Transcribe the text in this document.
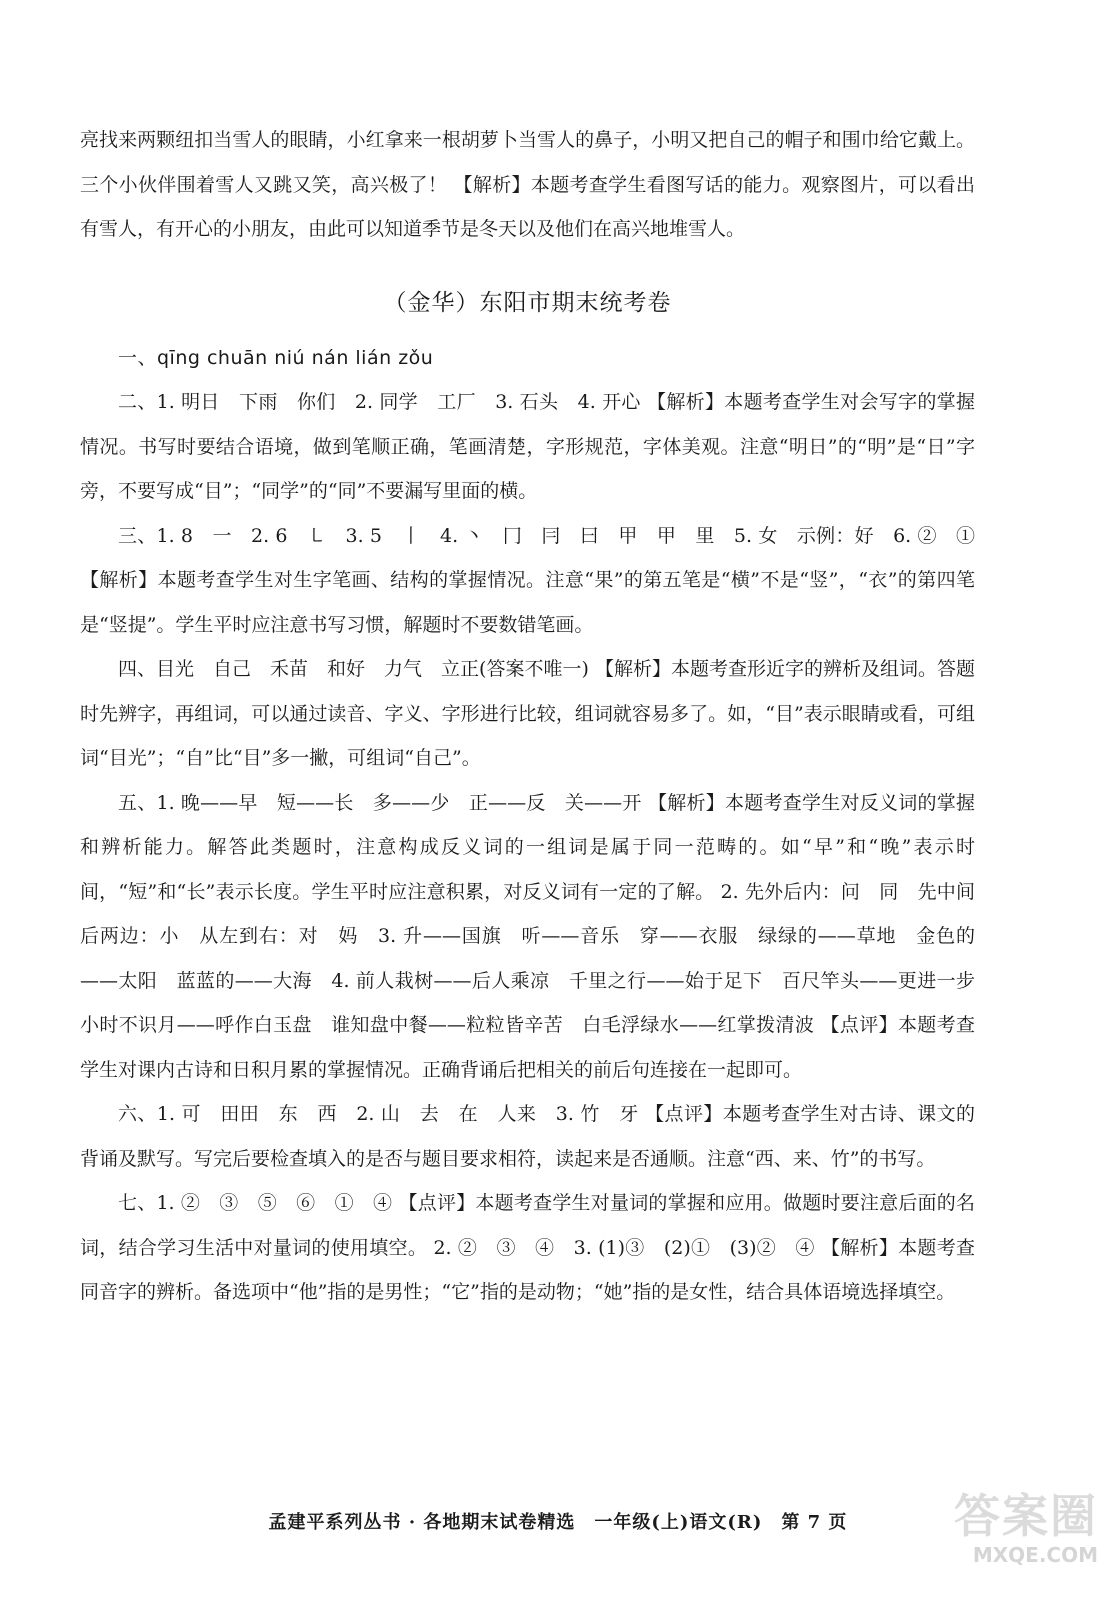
亮找来两颗纽扣当雪人的眼睛，小红拿来一根胡萝卜当雪人的鼻子，小明又把自己的帽子和围巾给它戴上。三个小伙伴围着雪人又跳又笑，高兴极了！ 【解析】本题考查学生看图写话的能力。观察图片，可以看出有雪人，有开心的小朋友，由此可以知道季节是冬天以及他们在高兴地堆雪人。

（金华）东阳市期末统考卷

一、qīng chuān niú nán lián zǒu

二、1. 明日　下雨　你们　2. 同学　工厂　3. 石头　4. 开心 【解析】本题考查学生对会写字的掌握情况。书写时要结合语境，做到笔顺正确，笔画清楚，字形规范，字体美观。注意“明日”的“明”是“日”字旁，不要写成“目”；“同学”的“同”不要漏写里面的横。

三、1. 8　一　2. 6　㇄　3. 5　丨　4. 丶　冂　冃　曰　甲　甲　里　5. 女　示例：好　6. ②　① 【解析】本题考查学生对生字笔画、结构的掌握情况。注意“果”的第五笔是“横”不是“竖”，“衣”的第四笔是“竖提”。学生平时应注意书写习惯，解题时不要数错笔画。

四、目光　自己　禾苗　和好　力气　立正(答案不唯一) 【解析】本题考查形近字的辨析及组词。答题时先辨字，再组词，可以通过读音、字义、字形进行比较，组词就容易多了。如，“目”表示眼睛或看，可组词“目光”；“自”比“目”多一撇，可组词“自己”。

五、1. 晚——早　短——长　多——少　正——反　关——开 【解析】本题考查学生对反义词的掌握和辨析能力。解答此类题时，注意构成反义词的一组词是属于同一范畴的。如“早”和“晚”表示时间，“短”和“长”表示长度。学生平时应注意积累，对反义词有一定的了解。 2. 先外后内：问　同　先中间后两边：小　从左到右：对　妈　3. 升——国旗　听——音乐　穿——衣服　绿绿的——草地　金色的——太阳　蓝蓝的——大海　4. 前人栽树——后人乘凉　千里之行——始于足下　百尺竿头——更进一步　小时不识月——呼作白玉盘　谁知盘中餐——粒粒皆辛苦　白毛浮绿水——红掌拨清波 【点评】本题考查学生对课内古诗和日积月累的掌握情况。正确背诵后把相关的前后句连接在一起即可。

六、1. 可　田田　东　西　2. 山　去　在　人来　3. 竹　牙 【点评】本题考查学生对古诗、课文的背诵及默写。写完后要检查填入的是否与题目要求相符，读起来是否通顺。注意“西、来、竹”的书写。

七、1. ②　③　⑤　⑥　①　④ 【点评】本题考查学生对量词的掌握和应用。做题时要注意后面的名词，结合学习生活中对量词的使用填空。 2. ②　③　④　3. (1)③　(2)①　(3)②　④ 【解析】本题考查同音字的辨析。备选项中“他”指的是男性；“它”指的是动物；“她”指的是女性，结合具体语境选择填空。

孟建平系列丛书 · 各地期末试卷精选　一年级(上)语文(R)　第 7 页	答案圈
MXQE.COM
